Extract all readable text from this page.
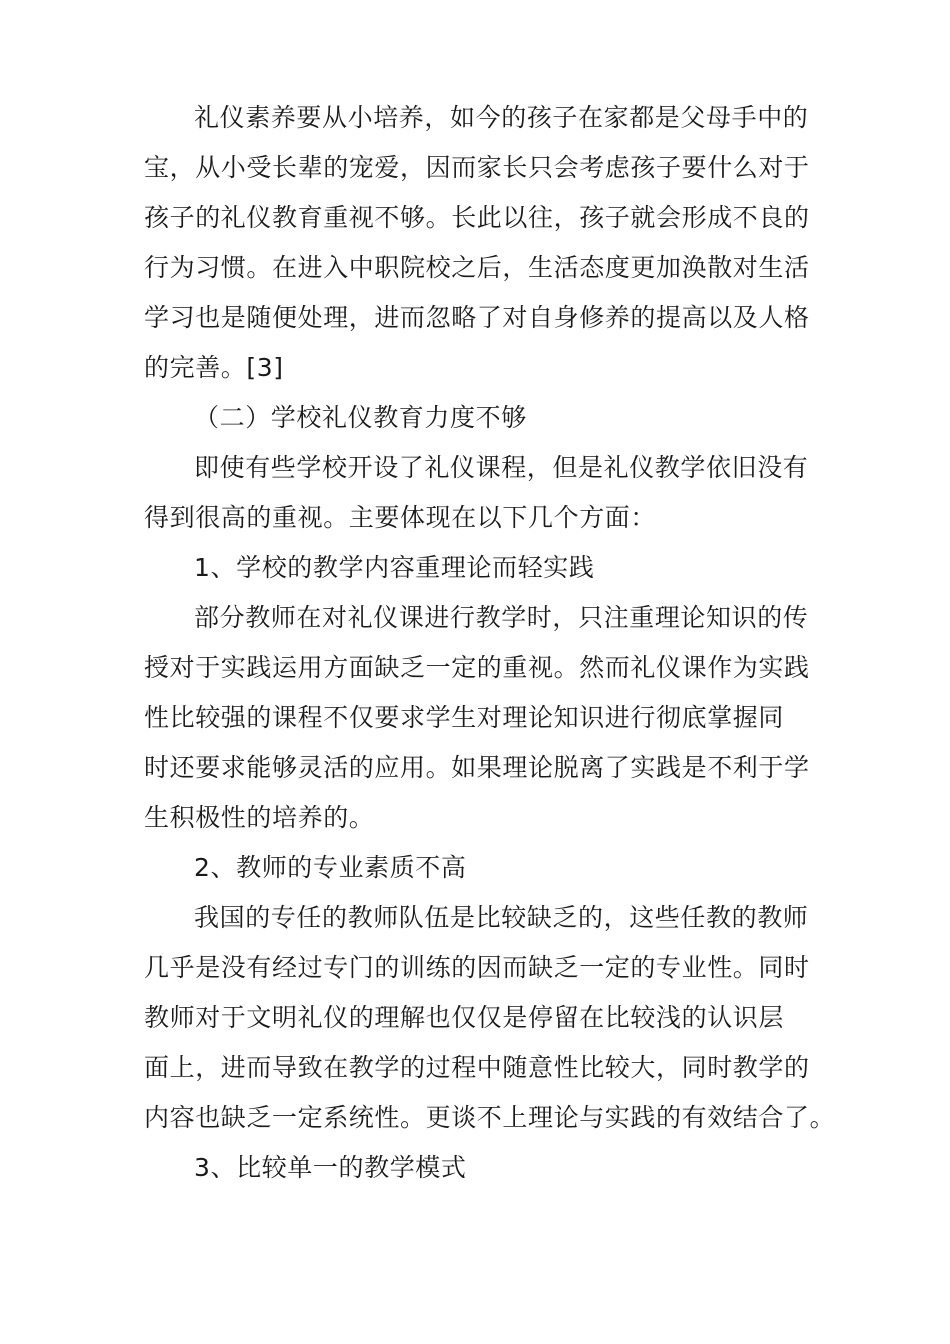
礼仪素养要从小培养，如今的孩子在家都是父母手中的
宝，从小受长辈的宠爱，因而家长只会考虑孩子要什么对于
孩子的礼仪教育重视不够。长此以往，孩子就会形成不良的
行为习惯。在进入中职院校之后，生活态度更加涣散对生活
学习也是随便处理，进而忽略了对自身修养的提高以及人格
的完善。[3]
（二）学校礼仪教育力度不够
即使有些学校开设了礼仪课程，但是礼仪教学依旧没有
得到很高的重视。主要体现在以下几个方面：
1、学校的教学内容重理论而轻实践
部分教师在对礼仪课进行教学时，只注重理论知识的传
授对于实践运用方面缺乏一定的重视。然而礼仪课作为实践
性比较强的课程不仅要求学生对理论知识进行彻底掌握同
时还要求能够灵活的应用。如果理论脱离了实践是不利于学
生积极性的培养的。
2、教师的专业素质不高
我国的专任的教师队伍是比较缺乏的，这些任教的教师
几乎是没有经过专门的训练的因而缺乏一定的专业性。同时
教师对于文明礼仪的理解也仅仅是停留在比较浅的认识层
面上，进而导致在教学的过程中随意性比较大，同时教学的
内容也缺乏一定系统性。更谈不上理论与实践的有效结合了。
3、比较单一的教学模式
